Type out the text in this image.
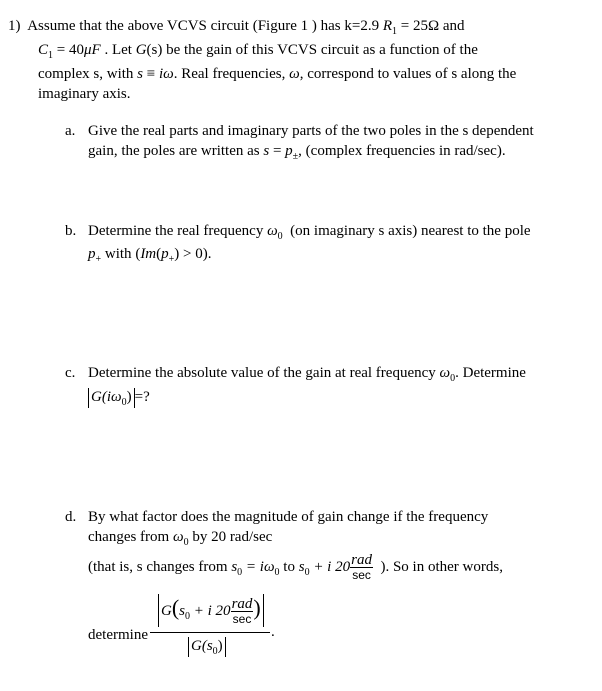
1) Assume that the above VCVS circuit (Figure 1 ) has k=2.9 $R_1 = 25\Omega$ and
$C_1 = 40\mu F$ . Let G(s) be the gain of this VCVS circuit as a function of the
complex s, with s ≡ iω. Real frequencies, ω, correspond to values of s along the
imaginary axis.
a. Give the real parts and imaginary parts of the two poles in the s dependent
gain, the poles are written as $s = p_\pm$, (complex frequencies in rad/sec).
b. Determine the real frequency $\omega_0$ (on imaginary s axis) nearest to the pole
$p_+$ with $(Im(p_+) > 0)$.
c. Determine the absolute value of the gain at real frequency $\omega_0$. Determine
$G(i\omega_0)$ =?
d. By what factor does the magnitude of gain change if the frequency
changes from $\omega_0$ by 20 rad/sec
(that is, s changes from $s_0 = i\omega_0$ to $s_0 + i$ $20 \frac{\text{rad}}{\sec}$ ). So in other words,
determine
$G(s_0 + i$ $20 \frac{\text{rad}}{\sec}$ )
.
$G(s_0)$
